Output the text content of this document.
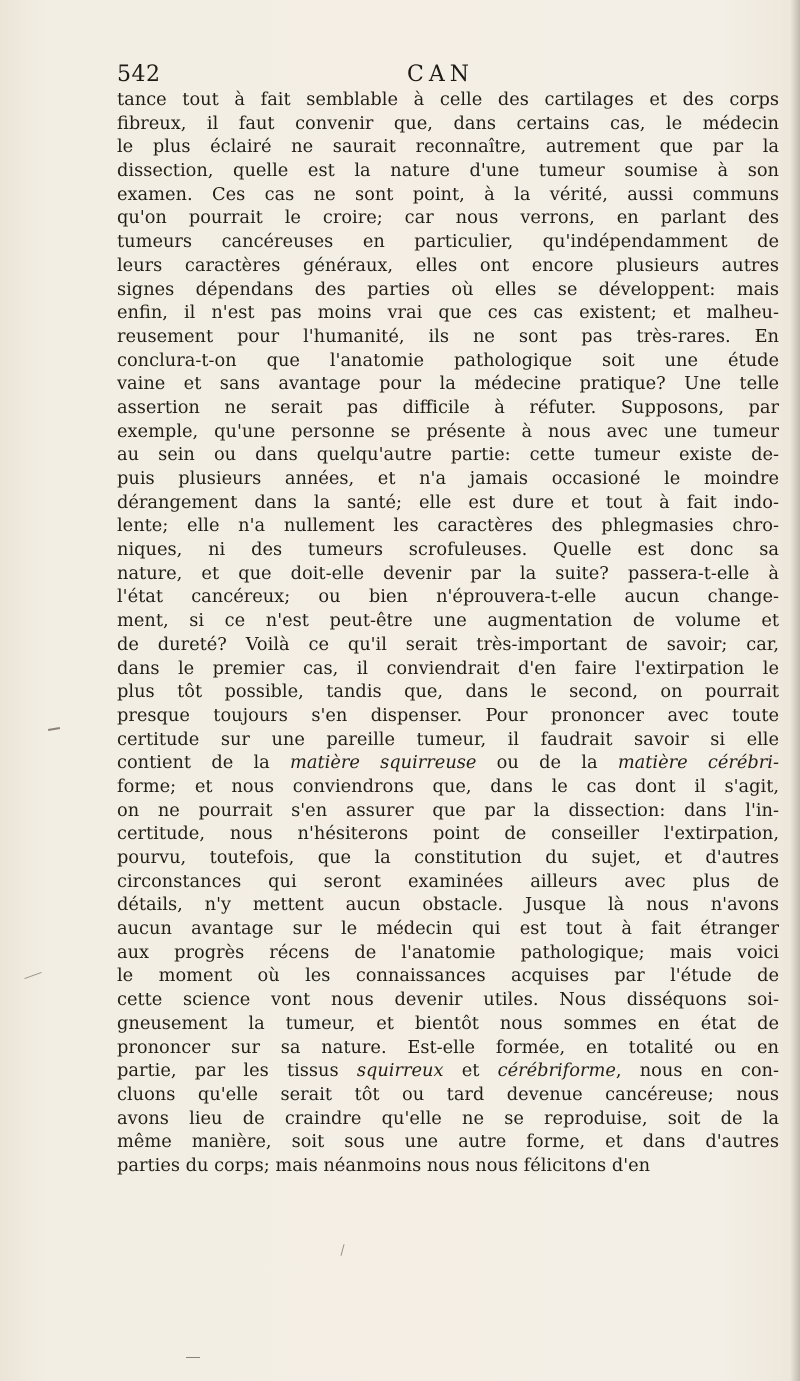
542	CAN
tance tout à fait semblable à celle des cartilages et des corps
fibreux, il faut convenir que, dans certains cas, le médecin
le plus éclairé ne saurait reconnaître, autrement que par la
dissection, quelle est la nature d'une tumeur soumise à son
examen. Ces cas ne sont point, à la vérité, aussi communs
qu'on pourrait le croire; car nous verrons, en parlant des
tumeurs cancéreuses en particulier, qu'indépendamment de
leurs caractères généraux, elles ont encore plusieurs autres
signes dépendans des parties où elles se développent: mais
enfin, il n'est pas moins vrai que ces cas existent; et malheu-
reusement pour l'humanité, ils ne sont pas très-rares. En
conclura-t-on que l'anatomie pathologique soit une étude
vaine et sans avantage pour la médecine pratique? Une telle
assertion ne serait pas difficile à réfuter. Supposons, par
exemple, qu'une personne se présente à nous avec une tumeur
au sein ou dans quelqu'autre partie: cette tumeur existe de-
puis plusieurs années, et n'a jamais occasioné le moindre
dérangement dans la santé; elle est dure et tout à fait indo-
lente; elle n'a nullement les caractères des phlegmasies chro-
niques, ni des tumeurs scrofuleuses. Quelle est donc sa
nature, et que doit-elle devenir par la suite? passera-t-elle à
l'état cancéreux; ou bien n'éprouvera-t-elle aucun change-
ment, si ce n'est peut-être une augmentation de volume et
de dureté? Voilà ce qu'il serait très-important de savoir; car,
dans le premier cas, il conviendrait d'en faire l'extirpation le
plus tôt possible, tandis que, dans le second, on pourrait
presque toujours s'en dispenser. Pour prononcer avec toute
certitude sur une pareille tumeur, il faudrait savoir si elle
contient de la matière squirreuse ou de la matière cérébri-
forme; et nous conviendrons que, dans le cas dont il s'agit,
on ne pourrait s'en assurer que par la dissection: dans l'in-
certitude, nous n'hésiterons point de conseiller l'extirpation,
pourvu, toutefois, que la constitution du sujet, et d'autres
circonstances qui seront examinées ailleurs avec plus de
détails, n'y mettent aucun obstacle. Jusque là nous n'avons
aucun avantage sur le médecin qui est tout à fait étranger
aux progrès récens de l'anatomie pathologique; mais voici
le moment où les connaissances acquises par l'étude de
cette science vont nous devenir utiles. Nous disséquons soi-
gneusement la tumeur, et bientôt nous sommes en état de
prononcer sur sa nature. Est-elle formée, en totalité ou en
partie, par les tissus squirreux et cérébriforme, nous en con-
cluons qu'elle serait tôt ou tard devenue cancéreuse; nous
avons lieu de craindre qu'elle ne se reproduise, soit de la
même manière, soit sous une autre forme, et dans d'autres
parties du corps; mais néanmoins nous nous félicitons d'en
